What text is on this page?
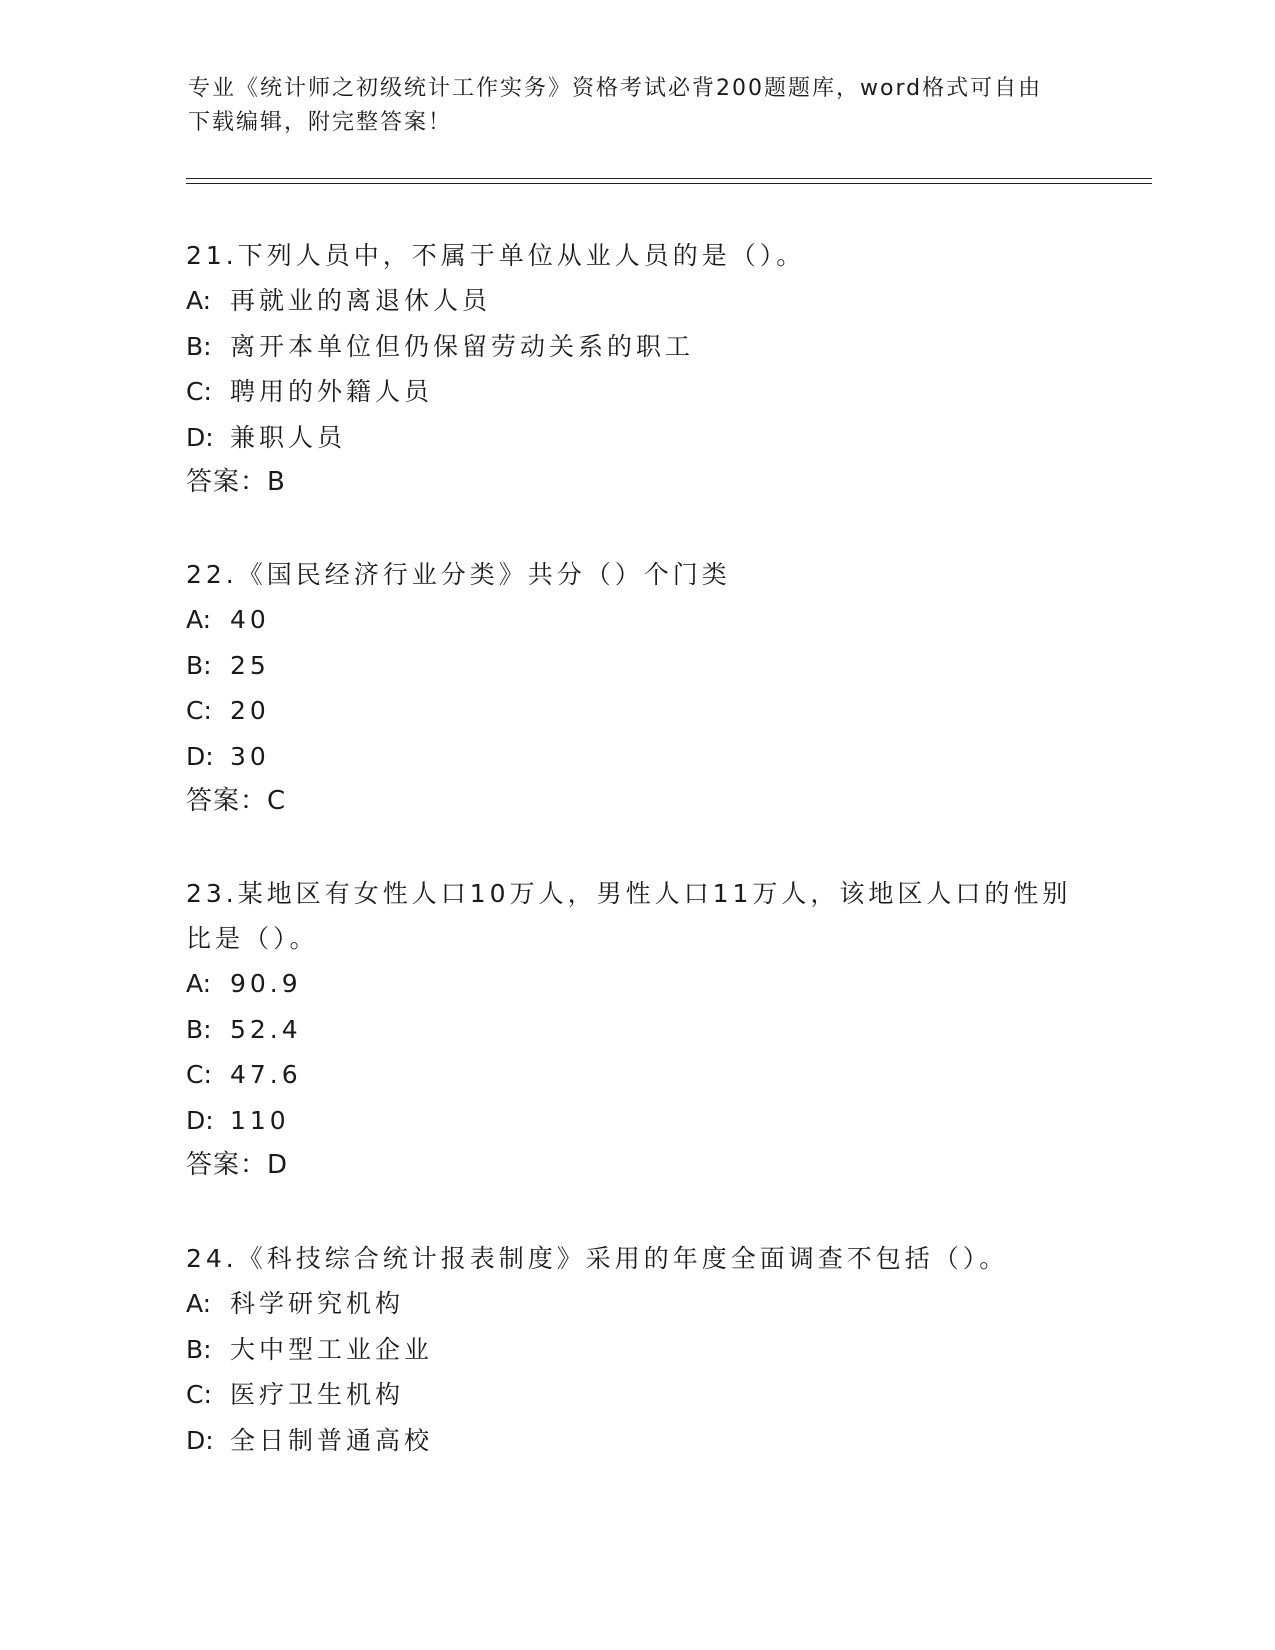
专业《统计师之初级统计工作实务》资格考试必背200题题库，word格式可自由
下载编辑，附完整答案！

21.下列人员中，不属于单位从业人员的是（）。

A: 再就业的离退休人员

B: 离开本单位但仍保留劳动关系的职工

C: 聘用的外籍人员

D: 兼职人员

答案：B

22.《国民经济行业分类》共分（）个门类

A: 40

B: 25

C: 20

D: 30

答案：C

23.某地区有女性人口10万人，男性人口11万人，该地区人口的性别比是（）。

A: 90.9

B: 52.4

C: 47.6

D: 110

答案：D

24.《科技综合统计报表制度》采用的年度全面调查不包括（）。

A: 科学研究机构

B: 大中型工业企业

C: 医疗卫生机构

D: 全日制普通高校
